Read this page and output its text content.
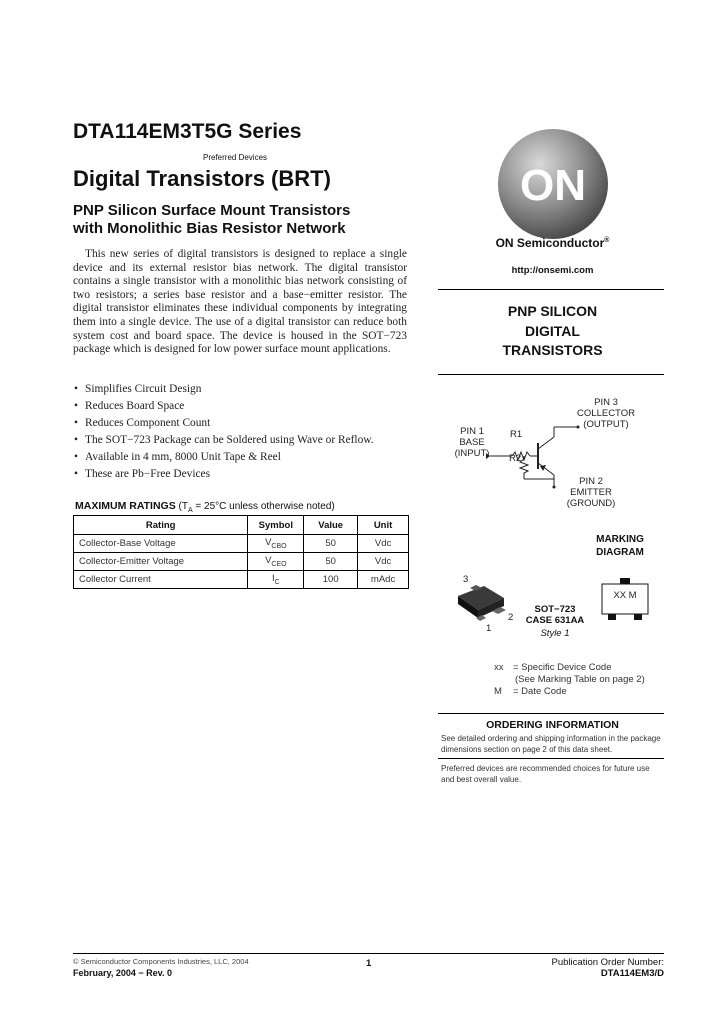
DTA114EM3T5G Series
Preferred Devices
Digital Transistors (BRT)
PNP Silicon Surface Mount Transistors
with Monolithic Bias Resistor Network
This new series of digital transistors is designed to replace a single device and its external resistor bias network. The digital transistor contains a single transistor with a monolithic bias network consisting of two resistors; a series base resistor and a base−emitter resistor. The digital transistor eliminates these individual components by integrating them into a single device. The use of a digital transistor can reduce both system cost and board space. The device is housed in the SOT−723 package which is designed for low power surface mount applications.
• Simplifies Circuit Design
• Reduces Board Space
• Reduces Component Count
• The SOT−723 Package can be Soldered using Wave or Reflow.
• Available in 4 mm, 8000 Unit Tape & Reel
• These are Pb−Free Devices
MAXIMUM RATINGS ($T_A = 25^\circ C$ unless otherwise noted)
Rating	Symbol	Value	Unit
Collector-Base Voltage	$V_{CBO}$	50	Vdc
Collector-Emitter Voltage	$V_{CEO}$	50	Vdc
Collector Current	$I_C$	100	mAdc
ON
ON Semiconductor®
http://onsemi.com
PNP SILICON
DIGITAL
TRANSISTORS
R1
R2
PIN 3
COLLECTOR
(OUTPUT)
PIN 1
BASE
(INPUT)
PIN 2
EMITTER
(GROUND)
MARKING
DIAGRAM
3
2
1
SOT−723
CASE 631AA
Style 1
XX M
xx = Specific Device Code
(See Marking Table on page 2)
M = Date Code
ORDERING INFORMATION
See detailed ordering and shipping information in the package
dimensions section on page 2 of this data sheet.
Preferred devices are recommended choices for future use
and best overall value.
© Semiconductor Components Industries, LLC, 2004
February, 2004 − Rev. 0
1	Publication Order Number:
DTA114EM3/D
